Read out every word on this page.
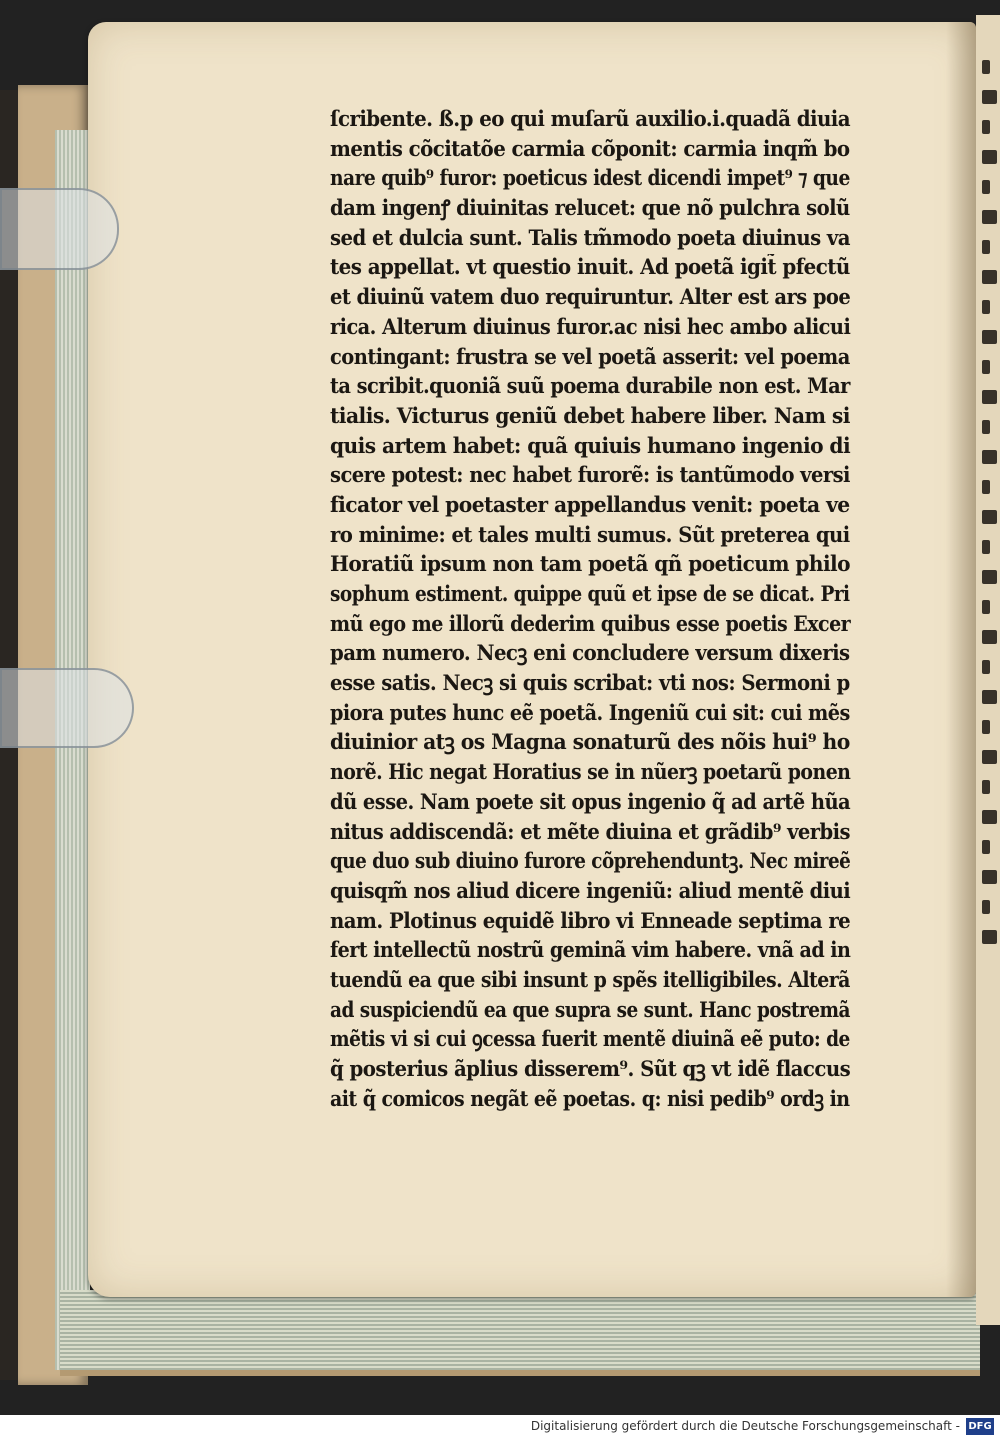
ſcribente. ß.p eo qui muſarũ auxilio.i.quadã diuia
mentis cõcitatõe carmia cõponit: carmia inqm̃ bo
nare quib⁹ furor: poeticus idest dicendi impet⁹ ⁊ que
dam ingenꝭ diuinitas relucet: que nõ pulchra solũ
sed et dulcia sunt. Talis tm̃modo poeta diuinus va
tes appellat. vt questio inuit. Ad poetã igit̃ pfectũ
et diuinũ vatem duo requiruntur. Alter est ars poe
rica. Alterum diuinus furor.ac nisi hec ambo alicui
contingant: frustra se vel poetã asserit: vel poema
ta scribit.quoniã suũ poema durabile non est. Mar
tialis. Victurus geniũ debet habere liber. Nam si
quis artem habet: quã quiuis humano ingenio di
scere potest: nec habet furorẽ: is tantũmodo versi
ficator vel poetaster appellandus venit: poeta ve
ro minime: et tales multi sumus. Sũt preterea qui
Horatiũ ipsum non tam poetã qñ poeticum philo
sophum estiment. quippe quũ et ipse de se dicat. Pri
mũ ego me illorũ dederim quibus esse poetis Excer
pam numero. Necꝫ eni concludere versum dixeris
esse satis. Necꝫ si quis scribat: vti nos: Sermoni p
piora putes hunc eẽ poetã. Ingeniũ cui sit: cui mẽs
diuinior atꝫ os Magna sonaturũ des nõis hui⁹ ho
norẽ. Hic negat Horatius se in nũerꝫ poetarũ ponen
dũ esse. Nam poete sit opus ingenio q̃ ad artẽ hũa
nitus addiscendã: et mẽte diuina et grãdib⁹ verbis
que duo sub diuino furore cõprehenduntꝫ. Nec mireẽ
quisqm̃ nos aliud dicere ingeniũ: aliud mentẽ diui
nam. Plotinus equidẽ libro vi Enneade septima re
fert intellectũ nostrũ geminã vim habere. vnã ad in
tuendũ ea que sibi insunt p spẽs itelligibiles. Alterã
ad suspiciendũ ea que supra se sunt. Hanc postremã
mẽtis vi si cui ꝯcessa fuerit mentẽ diuinã eẽ puto: de
q̃ posterius ãplius disserem⁹. Sũt qꝫ vt idẽ flaccus
ait q̃ comicos negãt eẽ poetas. q: nisi pedib⁹ ordꝫ in
Digitalisierung gefördert durch die Deutsche Forschungsgemeinschaft - DFG
